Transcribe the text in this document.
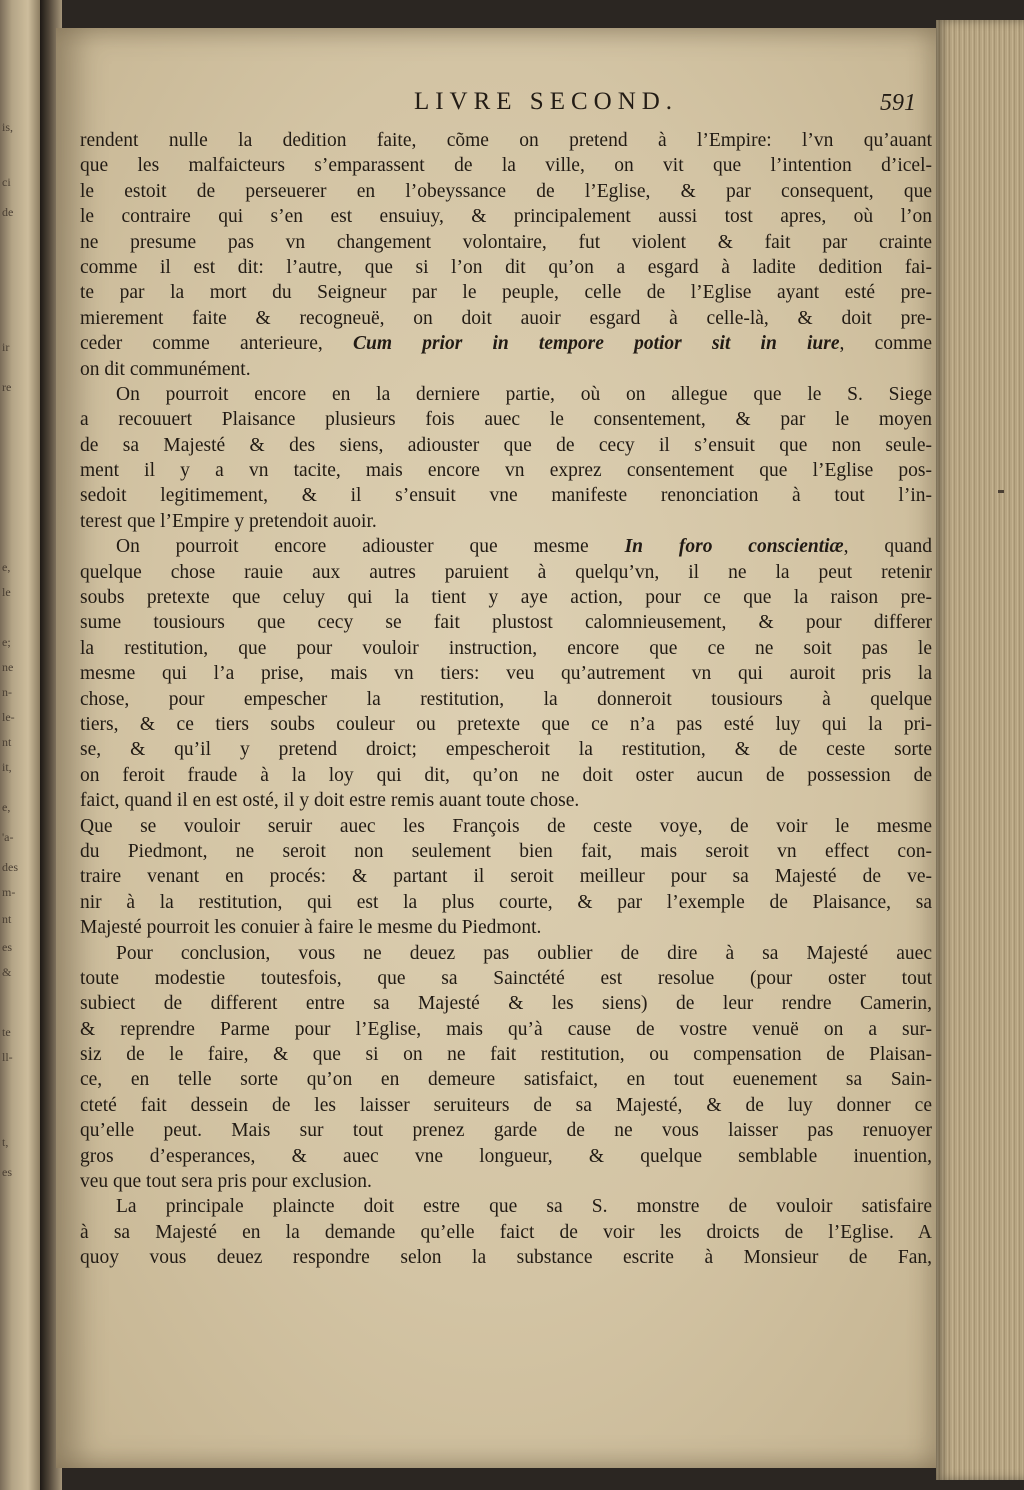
is,
ci
de
ir
re
e,
le
e;
ne
n-
le-
nt
it,
e,
'a-
des
m-
nt
es
&
te
ll-
t,
es
LIVRE SECOND.	591
rendent nulle la dedition faite, cõme on pretend à l’Empire: l’vn qu’auant
que les malfaicteurs s’emparassent de la ville, on vit que l’intention d’icel-
le estoit de perseuerer en l’obeyssance de l’Eglise, & par consequent, que
le contraire qui s’en est ensuiuy, & principalement aussi tost apres, où l’on
ne presume pas vn changement volontaire, fut violent & fait par crainte
comme il est dit: l’autre, que si l’on dit qu’on a esgard à ladite dedition fai-
te par la mort du Seigneur par le peuple, celle de l’Eglise ayant esté pre-
mierement faite & recogneuë, on doit auoir esgard à celle-là, & doit pre-
ceder comme anterieure, Cum prior in tempore potior sit in iure, comme
on dit communément.
On pourroit encore en la derniere partie, où on allegue que le S. Siege
a recouuert Plaisance plusieurs fois auec le consentement, & par le moyen
de sa Majesté & des siens, adiouster que de cecy il s’ensuit que non seule-
ment il y a vn tacite, mais encore vn exprez consentement que l’Eglise pos-
sedoit legitimement, & il s’ensuit vne manifeste renonciation à tout l’in-
terest que l’Empire y pretendoit auoir.
On pourroit encore adiouster que mesme In foro conscientiæ, quand
quelque chose rauie aux autres paruient à quelqu’vn, il ne la peut retenir
soubs pretexte que celuy qui la tient y aye action, pour ce que la raison pre-
sume tousiours que cecy se fait plustost calomnieusement, & pour differer
la restitution, que pour vouloir instruction, encore que ce ne soit pas le
mesme qui l’a prise, mais vn tiers: veu qu’autrement vn qui auroit pris la
chose, pour empescher la restitution, la donneroit tousiours à quelque
tiers, & ce tiers soubs couleur ou pretexte que ce n’a pas esté luy qui la pri-
se, & qu’il y pretend droict; empescheroit la restitution, & de ceste sorte
on feroit fraude à la loy qui dit, qu’on ne doit oster aucun de possession de
faict, quand il en est osté, il y doit estre remis auant toute chose.
Que se vouloir seruir auec les François de ceste voye, de voir le mesme
du Piedmont, ne seroit non seulement bien fait, mais seroit vn effect con-
traire venant en procés: & partant il seroit meilleur pour sa Majesté de ve-
nir à la restitution, qui est la plus courte, & par l’exemple de Plaisance, sa
Majesté pourroit les conuier à faire le mesme du Piedmont.
Pour conclusion, vous ne deuez pas oublier de dire à sa Majesté auec
toute modestie toutesfois, que sa Sainctété est resolue (pour oster tout
subiect de different entre sa Majesté & les siens) de leur rendre Camerin,
& reprendre Parme pour l’Eglise, mais qu’à cause de vostre venuë on a sur-
siz de le faire, & que si on ne fait restitution, ou compensation de Plaisan-
ce, en telle sorte qu’on en demeure satisfaict, en tout euenement sa Sain-
cteté fait dessein de les laisser seruiteurs de sa Majesté, & de luy donner ce
qu’elle peut. Mais sur tout prenez garde de ne vous laisser pas renuoyer
gros d’esperances, & auec vne longueur, & quelque semblable inuention,
veu que tout sera pris pour exclusion.
La principale plaincte doit estre que sa S. monstre de vouloir satisfaire
à sa Majesté en la demande qu’elle faict de voir les droicts de l’Eglise. A
quoy vous deuez respondre selon la substance escrite à Monsieur de Fan,
